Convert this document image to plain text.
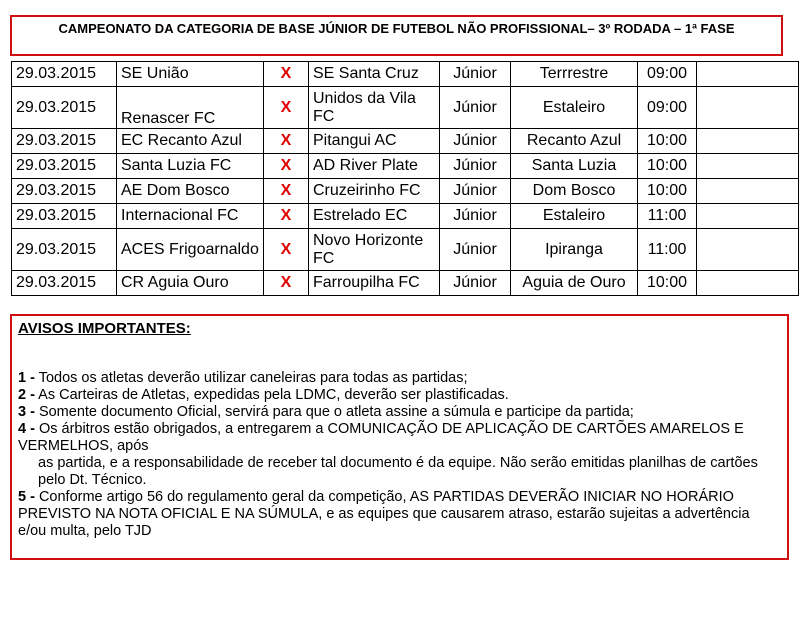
CAMPEONATO DA CATEGORIA DE BASE JÚNIOR DE FUTEBOL NÃO PROFISSIONAL– 3º RODADA – 1ª FASE
29.03.2015	SE União	X	SE Santa Cruz	Júnior	Terrrestre	09:00	
29.03.2015	Renascer FC	X	Unidos da Vila FC	Júnior	Estaleiro	09:00	
29.03.2015	EC Recanto Azul	X	Pitangui AC	Júnior	Recanto Azul	10:00	
29.03.2015	Santa Luzia FC	X	AD River Plate	Júnior	Santa Luzia	10:00	
29.03.2015	AE Dom Bosco	X	Cruzeirinho FC	Júnior	Dom Bosco	10:00	
29.03.2015	Internacional FC	X	Estrelado EC	Júnior	Estaleiro	11:00	
29.03.2015	ACES Frigoarnaldo	X	Novo Horizonte FC	Júnior	Ipiranga	11:00	
29.03.2015	CR Aguia Ouro	X	Farroupilha FC	Júnior	Aguia de Ouro	10:00	
AVISOS IMPORTANTES:

1 - Todos os atletas deverão utilizar caneleiras para todas as partidas;

2 - As Carteiras de Atletas, expedidas pela LDMC, deverão ser plastificadas.

3 - Somente documento Oficial, servirá para que o atleta assine a súmula e participe da partida;

4 - Os árbitros estão obrigados, a entregarem a COMUNICAÇÃO DE APLICAÇÃO DE CARTÕES AMARELOS E VERMELHOS, após

as partida, e a responsabilidade de receber tal documento é da equipe. Não serão emitidas planilhas de cartões pelo Dt. Técnico.

5 - Conforme artigo 56 do regulamento geral da competição, AS PARTIDAS DEVERÃO INICIAR NO HORÁRIO PREVISTO NA NOTA OFICIAL E NA SÚMULA, e as equipes que causarem atraso, estarão sujeitas a advertência e/ou multa, pelo TJD
